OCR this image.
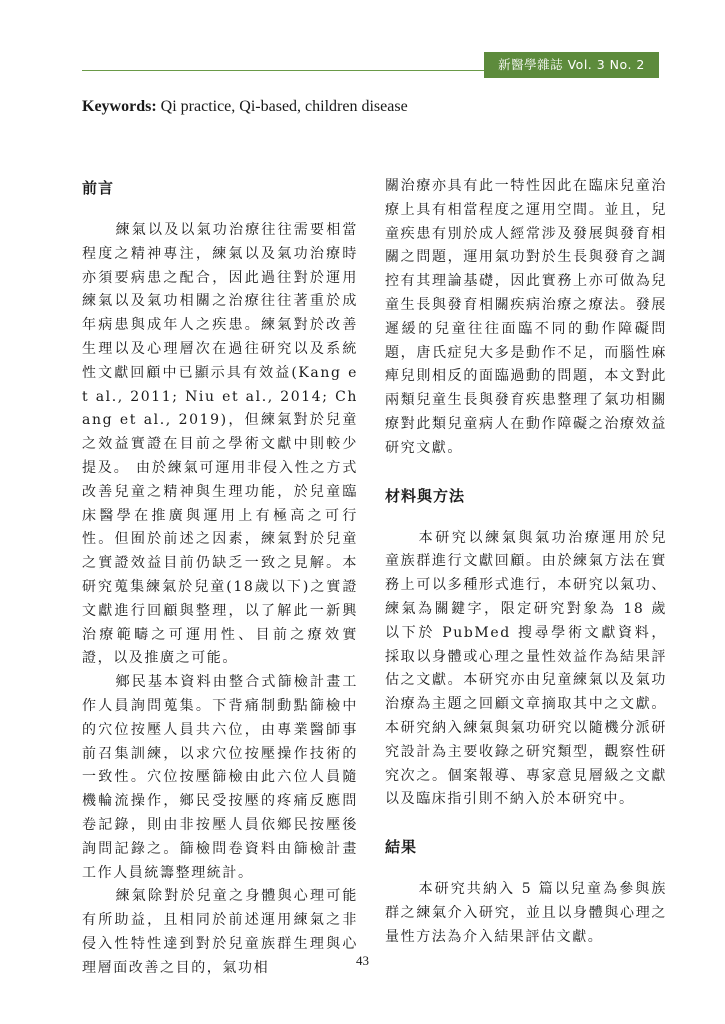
新醫學雜誌 Vol. 3 No. 2
Keywords: Qi practice, Qi-based, children disease
前言

練氣以及以氣功治療往往需要相當程度之精神專注，練氣以及氣功治療時亦須要病患之配合，因此過往對於運用練氣以及氣功相關之治療往往著重於成年病患與成年人之疾患。練氣對於改善生理以及心理層次在過往研究以及系統性文獻回顧中已顯示具有效益(Kang et al., 2011; Niu et al., 2014; Chang et al., 2019)，但練氣對於兒童之效益實證在目前之學術文獻中則較少提及。 由於練氣可運用非侵入性之方式改善兒童之精神與生理功能，於兒童臨床醫學在推廣與運用上有極高之可行性。但囿於前述之因素，練氣對於兒童之實證效益目前仍缺乏一致之見解。本研究蒐集練氣於兒童(18歲以下)之實證文獻進行回顧與整理，以了解此一新興治療範疇之可運用性、目前之療效實證，以及推廣之可能。

鄉民基本資料由整合式篩檢計畫工作人員詢問蒐集。下背痛制動點篩檢中的穴位按壓人員共六位，由專業醫師事前召集訓練，以求穴位按壓操作技術的一致性。穴位按壓篩檢由此六位人員隨機輪流操作，鄉民受按壓的疼痛反應問卷記錄，則由非按壓人員依鄉民按壓後詢問記錄之。篩檢問卷資料由篩檢計畫工作人員統籌整理統計。

練氣除對於兒童之身體與心理可能有所助益，且相同於前述運用練氣之非侵入性特性達到對於兒童族群生理與心理層面改善之目的，氣功相

關治療亦具有此一特性因此在臨床兒童治療上具有相當程度之運用空間。並且，兒童疾患有別於成人經常涉及發展與發育相關之問題，運用氣功對於生長與發育之調控有其理論基礎，因此實務上亦可做為兒童生長與發育相關疾病治療之療法。發展遲緩的兒童往往面臨不同的動作障礙問題，唐氏症兒大多是動作不足，而腦性麻痺兒則相反的面臨過動的問題，本文對此兩類兒童生長與發育疾患整理了氣功相關療對此類兒童病人在動作障礙之治療效益研究文獻。

材料與方法

本研究以練氣與氣功治療運用於兒童族群進行文獻回顧。由於練氣方法在實務上可以多種形式進行，本研究以氣功、練氣為關鍵字，限定研究對象為 18 歲以下於 PubMed 搜尋學術文獻資料，採取以身體或心理之量性效益作為結果評估之文獻。本研究亦由兒童練氣以及氣功治療為主題之回顧文章摘取其中之文獻。本研究納入練氣與氣功研究以隨機分派研究設計為主要收錄之研究類型，觀察性研究次之。個案報導、專家意見層級之文獻以及臨床指引則不納入於本研究中。

結果

本研究共納入 5 篇以兒童為參與族群之練氣介入研究，並且以身體與心理之量性方法為介入結果評估文獻。

43
